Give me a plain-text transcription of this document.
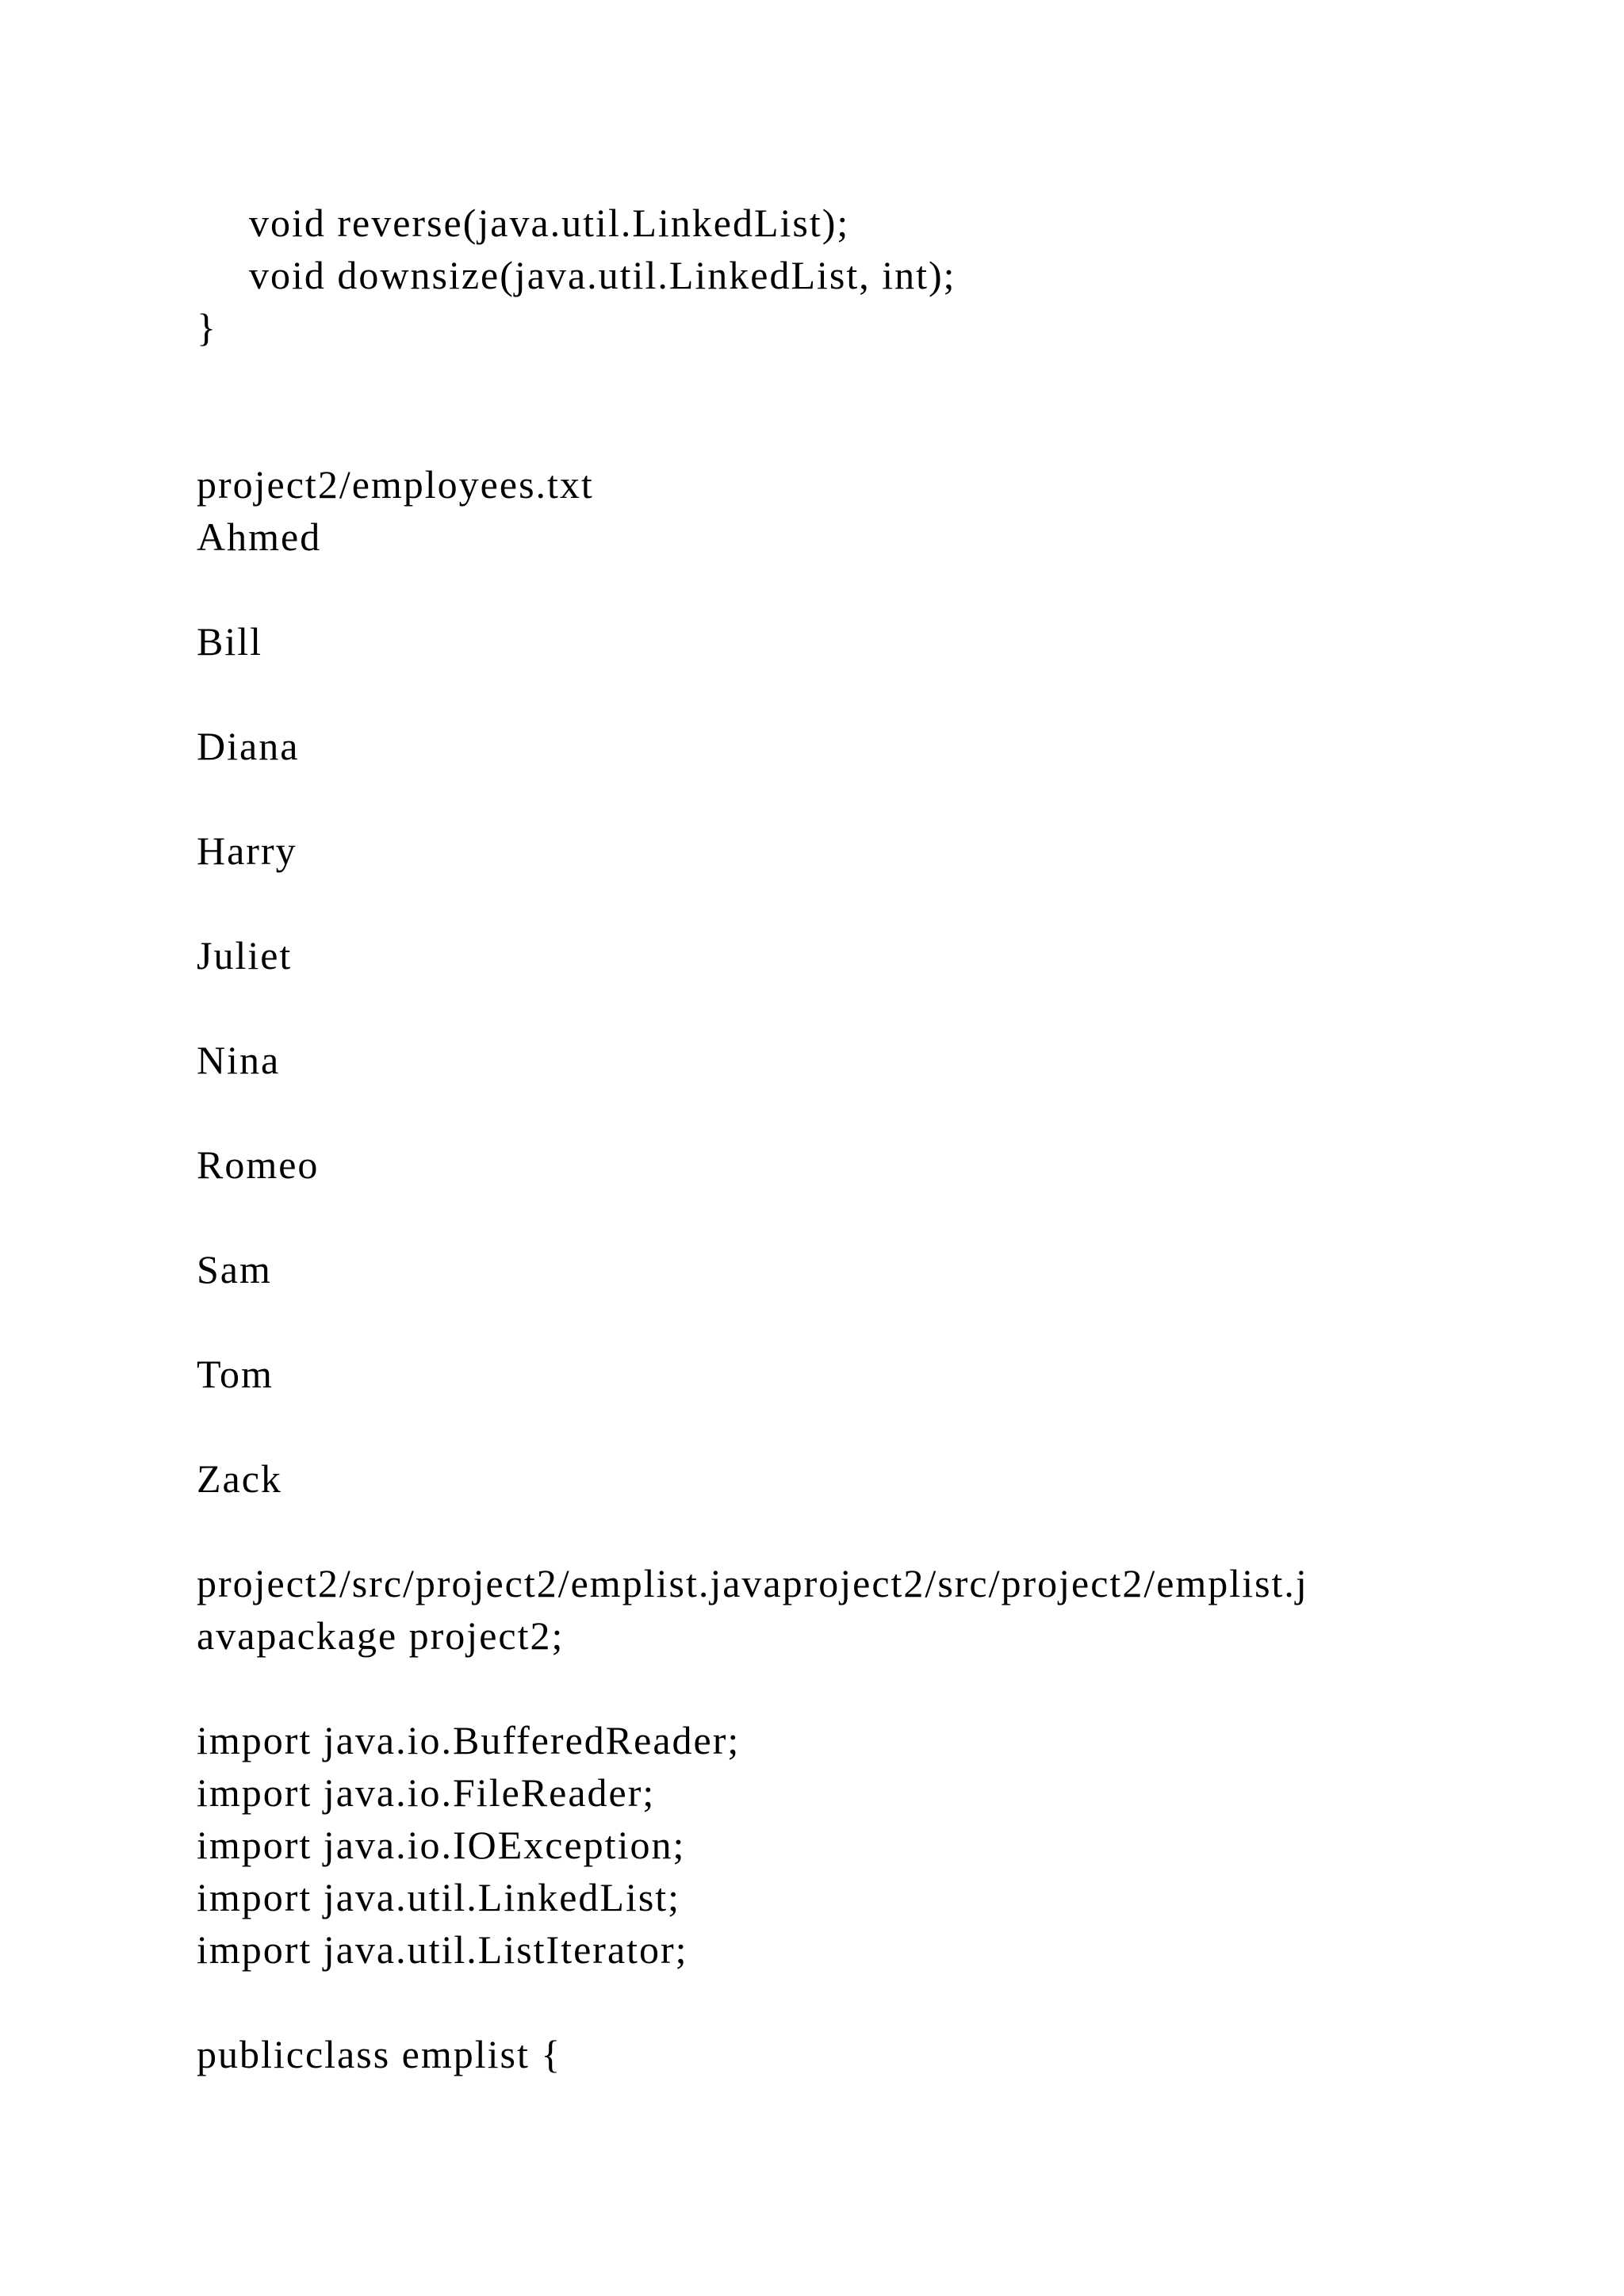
void reverse(java.util.LinkedList);

void downsize(java.util.LinkedList, int);

}

project2/employees.txt

Ahmed

Bill

Diana

Harry

Juliet

Nina

Romeo

Sam

Tom

Zack

project2/src/project2/emplist.javaproject2/src/project2/emplist.j

avapackage project2;

import java.io.BufferedReader;

import java.io.FileReader;

import java.io.IOException;

import java.util.LinkedList;

import java.util.ListIterator;

publicclass emplist {
